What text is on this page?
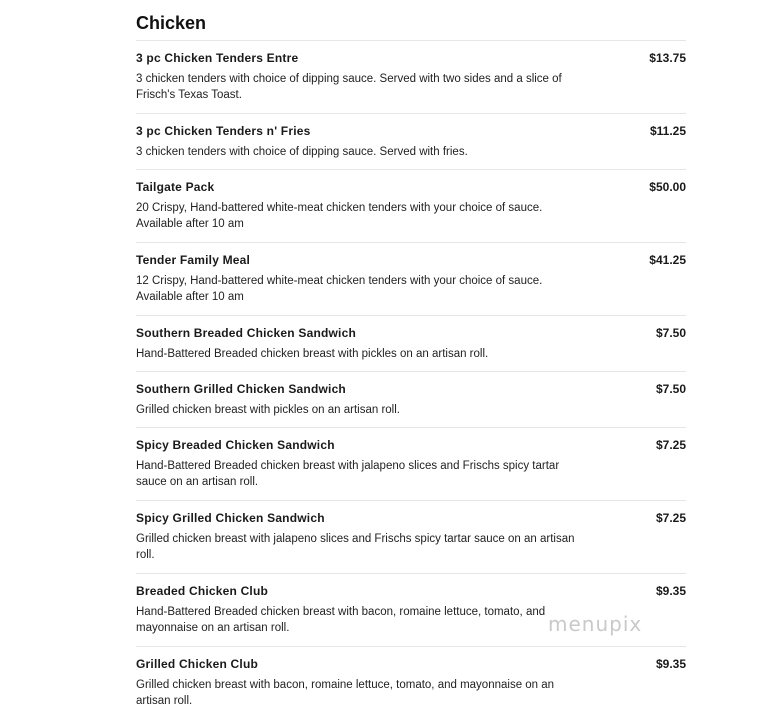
Chicken
3 pc Chicken Tenders Entre	$13.75
3 chicken tenders with choice of dipping sauce. Served with two sides and a slice of Frisch's Texas Toast.
3 pc Chicken Tenders n' Fries	$11.25
3 chicken tenders with choice of dipping sauce. Served with fries.
Tailgate Pack	$50.00
20 Crispy, Hand-battered white-meat chicken tenders with your choice of sauce. Available after 10 am
Tender Family Meal	$41.25
12 Crispy, Hand-battered white-meat chicken tenders with your choice of sauce. Available after 10 am
Southern Breaded Chicken Sandwich	$7.50
Hand-Battered Breaded chicken breast with pickles on an artisan roll.
Southern Grilled Chicken Sandwich	$7.50
Grilled chicken breast with pickles on an artisan roll.
Spicy Breaded Chicken Sandwich	$7.25
Hand-Battered Breaded chicken breast with jalapeno slices and Frischs spicy tartar sauce on an artisan roll.
Spicy Grilled Chicken Sandwich	$7.25
Grilled chicken breast with jalapeno slices and Frischs spicy tartar sauce on an artisan roll.
Breaded Chicken Club	$9.35
Hand-Battered Breaded chicken breast with bacon, romaine lettuce, tomato, and mayonnaise on an artisan roll.
Grilled Chicken Club	$9.35
Grilled chicken breast with bacon, romaine lettuce, tomato, and mayonnaise on an artisan roll.
menupix
